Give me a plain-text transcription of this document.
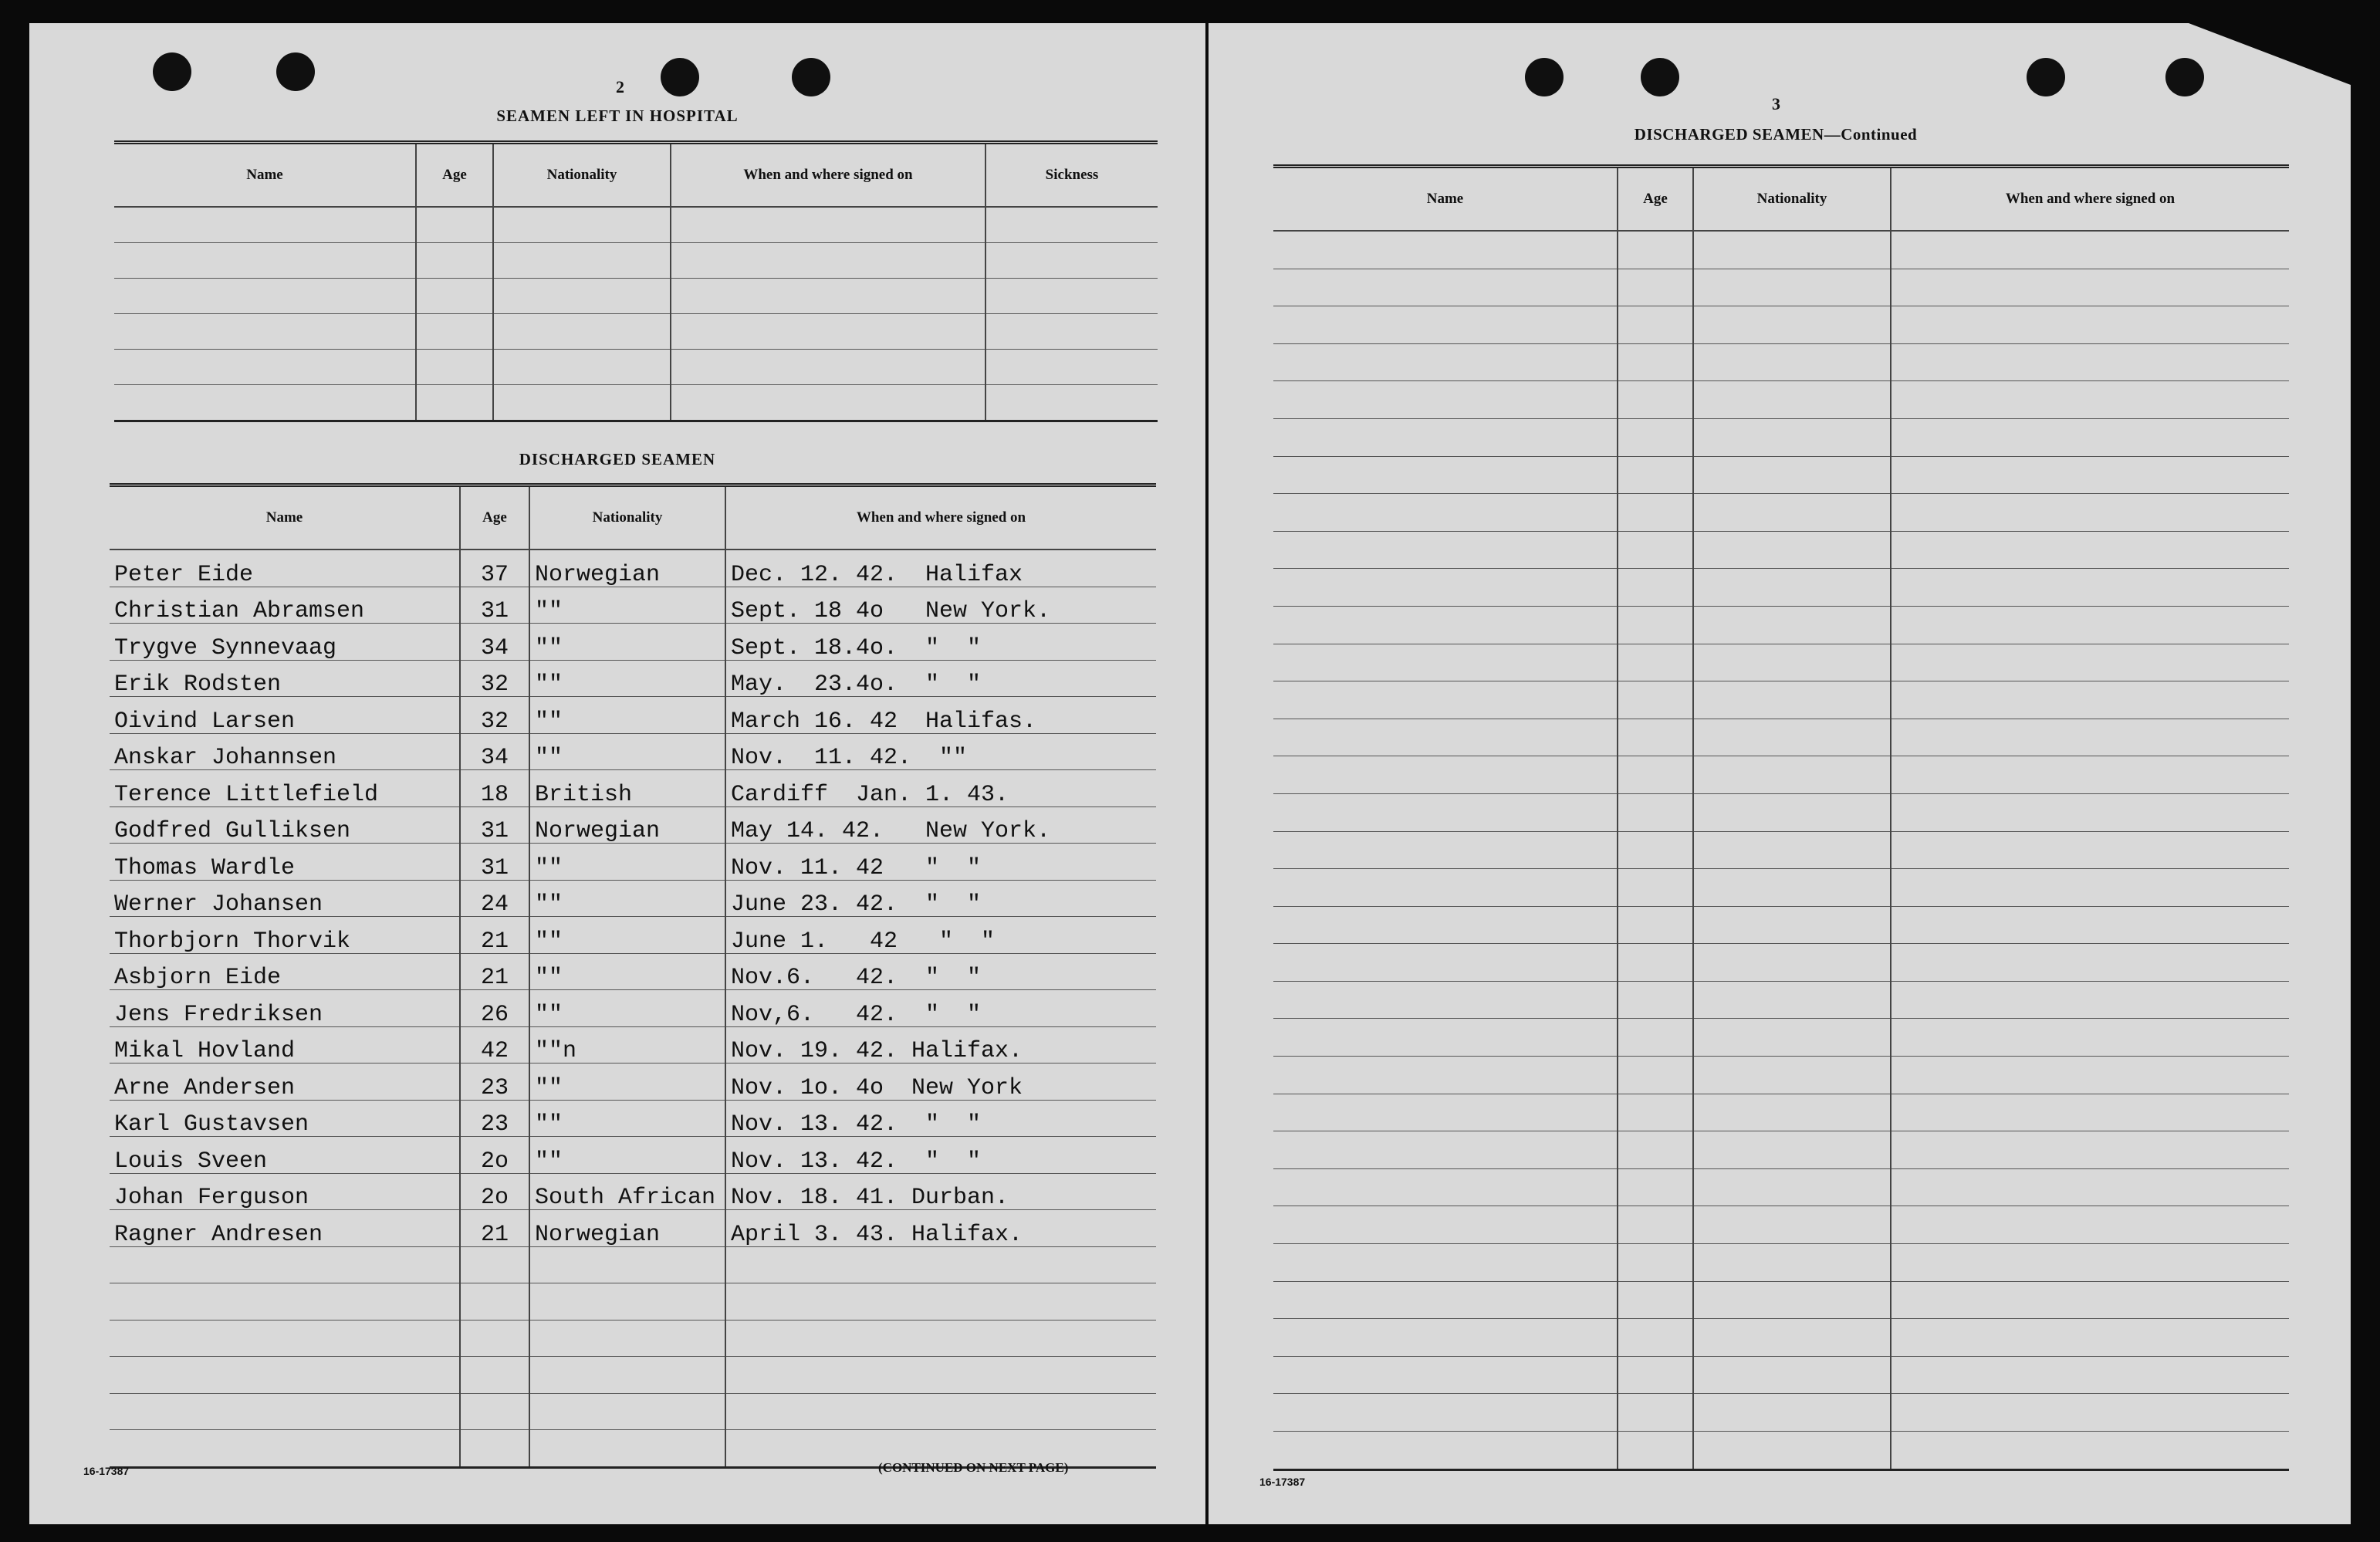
2
SEAMEN LEFT IN HOSPITAL
Name	Age	Nationality	When and where signed on	Sickness

DISCHARGED SEAMEN
Name	Age	Nationality	When and where signed on
Peter Eide	37	Norwegian	Dec. 12. 42.  Halifax
Christian Abramsen	31	""	Sept. 18 4o   New York.
Trygve Synnevaag	34	""	Sept. 18.4o.  "  "
Erik Rodsten	32	""	May.  23.4o.  "  "
Oivind Larsen	32	""	March 16. 42  Halifas.
Anskar Johannsen	34	""	Nov.  11. 42.  ""
Terence Littlefield	18	British	Cardiff  Jan. 1. 43.
Godfred Gulliksen	31	Norwegian	May 14. 42.   New York.
Thomas Wardle	31	""	Nov. 11. 42   "  "
Werner Johansen	24	""	June 23. 42.  "  "
Thorbjorn Thorvik	21	""	June 1.   42   "  "
Asbjorn Eide	21	""	Nov.6.   42.  "  "
Jens Fredriksen	26	""	Nov,6.   42.  "  "
Mikal Hovland	42	""n	Nov. 19. 42. Halifax.
Arne Andersen	23	""	Nov. 1o. 4o  New York
Karl Gustavsen	23	""	Nov. 13. 42.  "  "
Louis Sveen	2o	""	Nov. 13. 42.  "  "
Johan Ferguson	2o	South African	Nov. 18. 41. Durban.
Ragner Andresen	21	Norwegian	April 3. 43. Halifax.

16-17387	(CONTINUED ON NEXT PAGE)
3
DISCHARGED SEAMEN—Continued
Name	Age	Nationality	When and where signed on

16-17387
